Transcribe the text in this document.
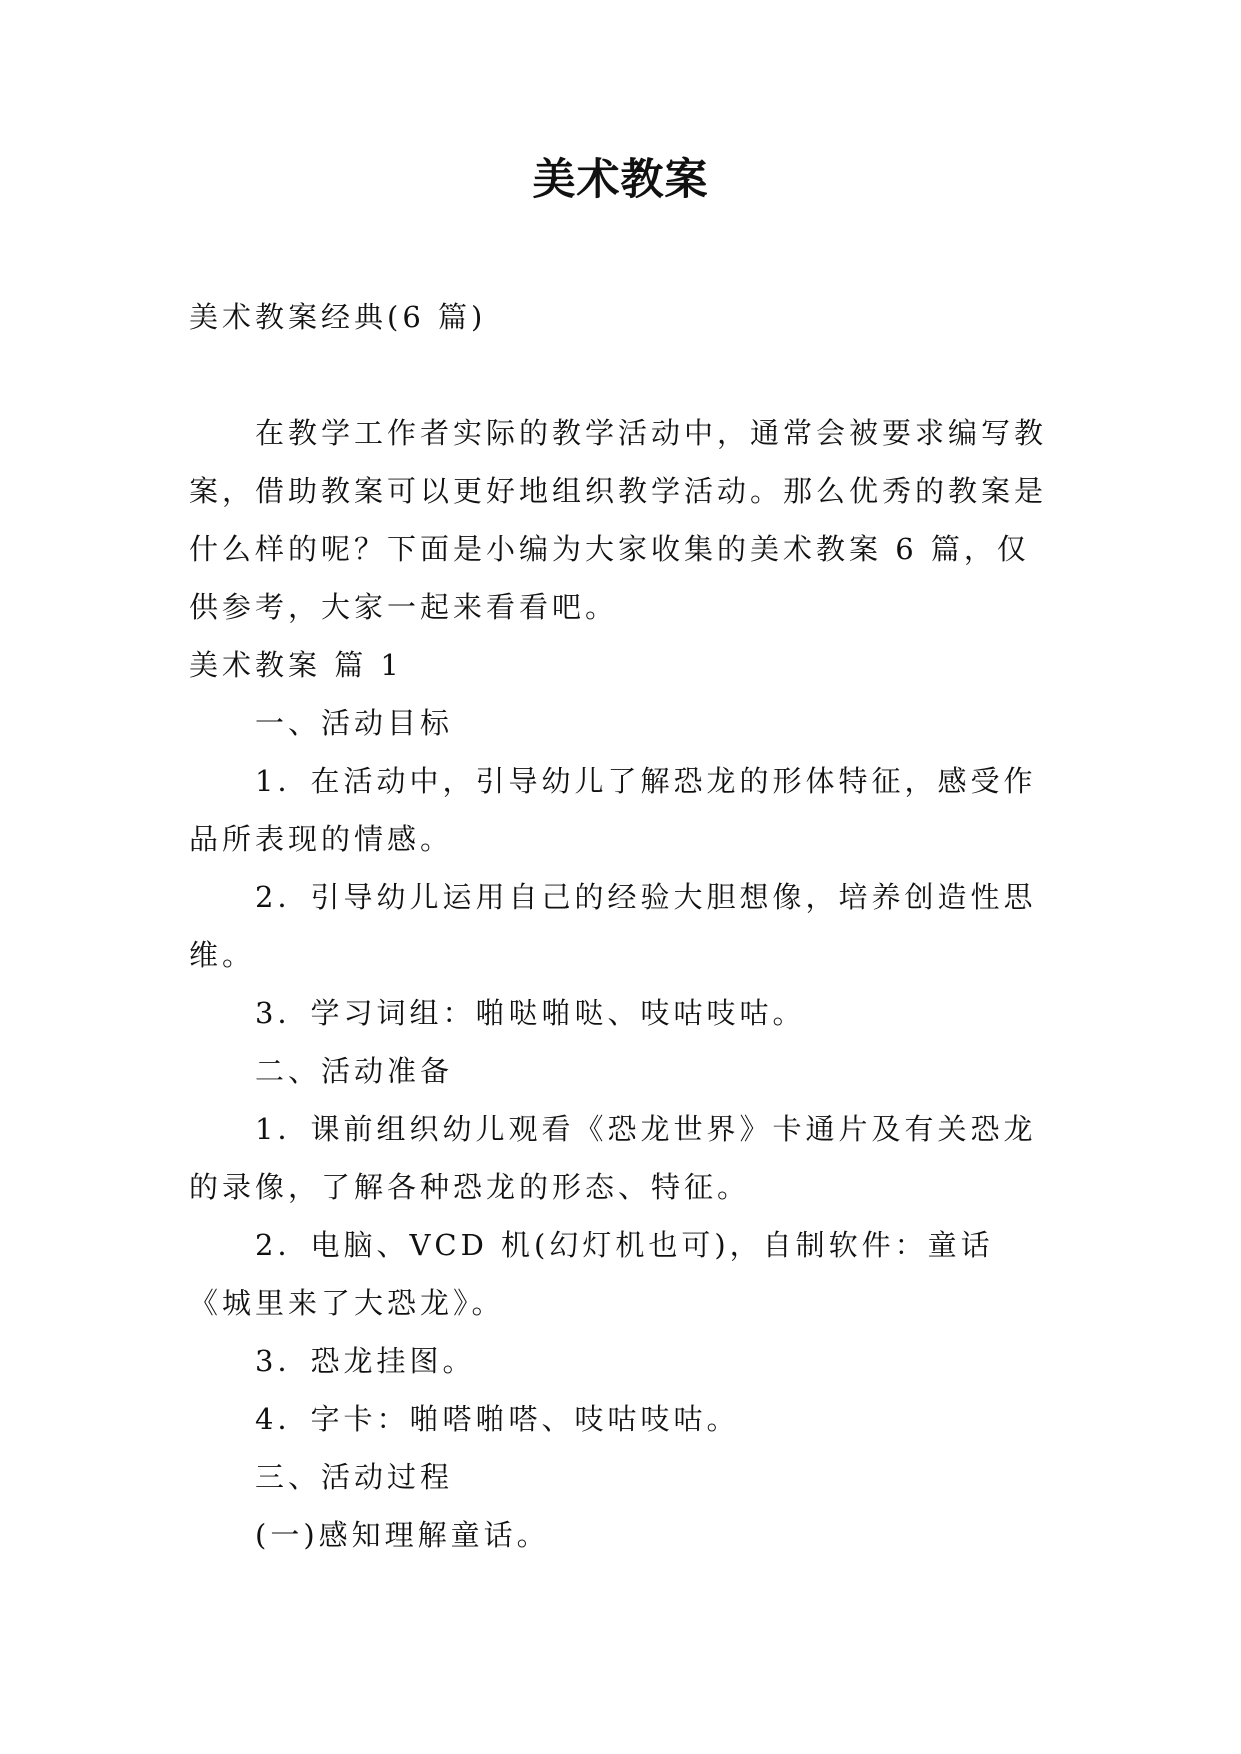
美术教案

美术教案经典(6 篇)

在教学工作者实际的教学活动中，通常会被要求编写教案，借助教案可以更好地组织教学活动。那么优秀的教案是什么样的呢？下面是小编为大家收集的美术教案 6 篇，仅供参考，大家一起来看看吧。

美术教案 篇 1

一、活动目标

1．在活动中，引导幼儿了解恐龙的形体特征，感受作品所表现的情感。

2．引导幼儿运用自己的经验大胆想像，培养创造性思维。

3．学习词组：啪哒啪哒、吱咕吱咕。

二、活动准备

1．课前组织幼儿观看《恐龙世界》卡通片及有关恐龙的录像，了解各种恐龙的形态、特征。

2．电脑、VCD 机(幻灯机也可)，自制软件：童话《城里来了大恐龙》。

3．恐龙挂图。

4．字卡：啪嗒啪嗒、吱咕吱咕。

三、活动过程

(一)感知理解童话。
